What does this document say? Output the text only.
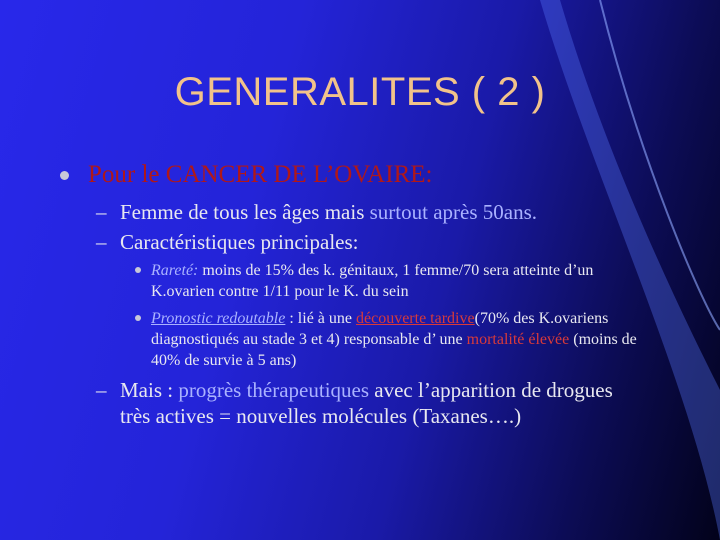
GENERALITES ( 2 )
Pour le CANCER DE L’OVAIRE:
– Femme de tous les âges mais surtout après 50ans.
– Caractéristiques principales:
Rareté: moins de 15% des k. génitaux, 1 femme/70 sera atteinte d’un K.ovarien contre 1/11 pour le K. du sein
Pronostic redoutable : lié à une découverte tardive(70% des K.ovariens diagnostiqués au stade 3 et 4) responsable d’ une mortalité élevée (moins de 40% de survie à 5 ans)
– Mais : progrès thérapeutiques avec l’apparition de drogues très actives = nouvelles molécules (Taxanes….)
